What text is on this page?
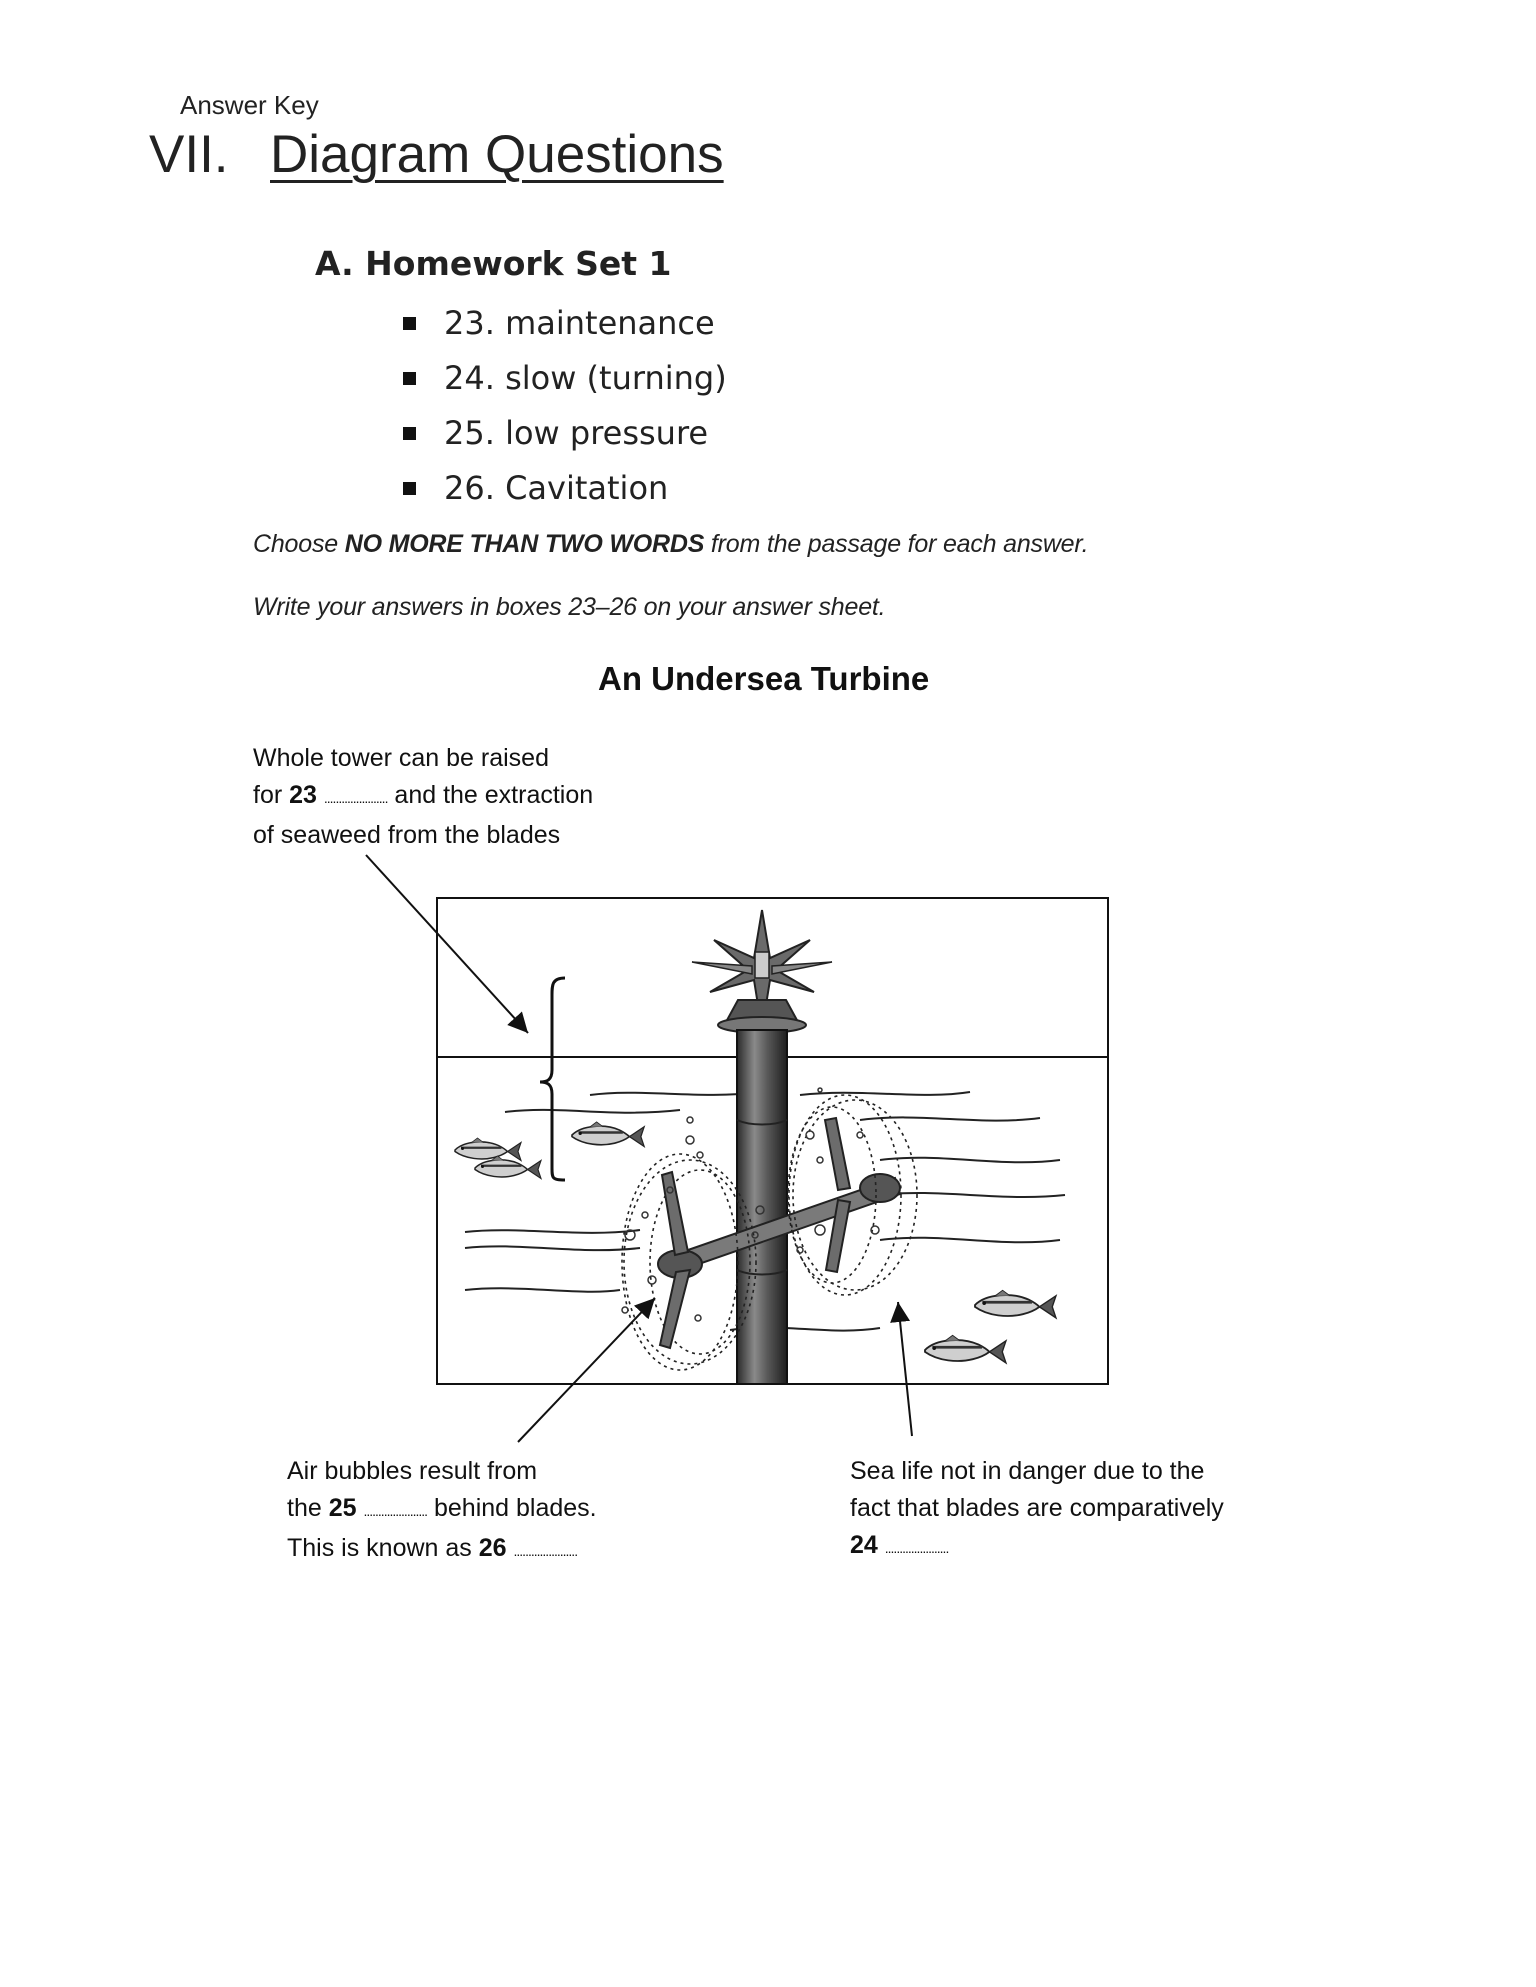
Answer Key
VII. Diagram Questions
A. Homework Set 1
23. maintenance
24. slow (turning)
25. low pressure
26. Cavitation
Choose NO MORE THAN TWO WORDS from the passage for each answer.
Write your answers in boxes 23–26 on your answer sheet.
An Undersea Turbine
Whole tower can be raised
for 23 ...................... and the extraction
of seaweed from the blades
Air bubbles result from
the 25 ...................... behind blades.
This is known as 26 ......................
Sea life not in danger due to the
fact that blades are comparatively
24 ......................
